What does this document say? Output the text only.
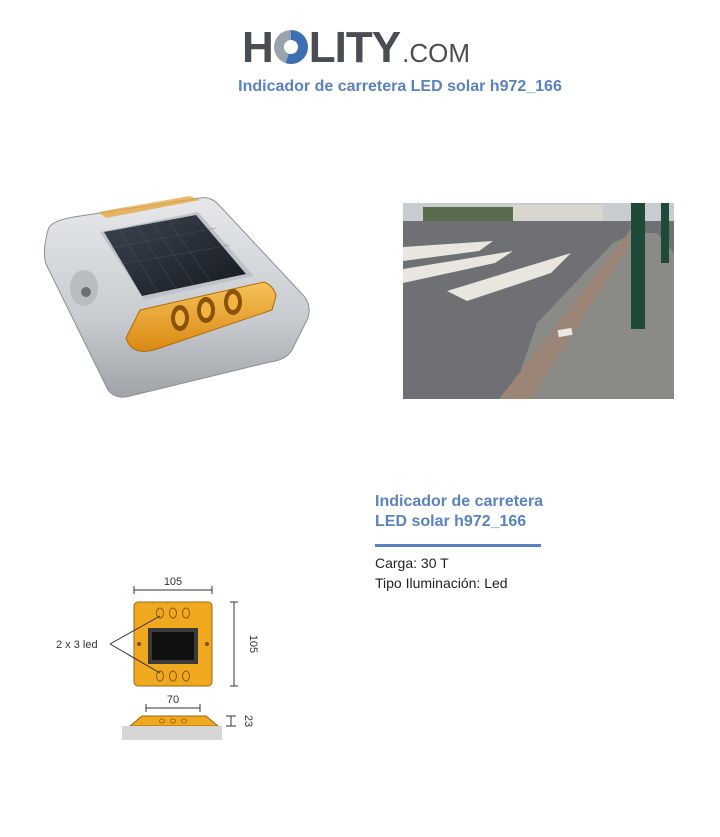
H LITY .COM
Indicador de carretera LED solar h972_166
Indicador de carretera
LED solar h972_166
Carga: 30 T
Tipo Iluminación: Led
105
2 x 3 led	105
70
23
